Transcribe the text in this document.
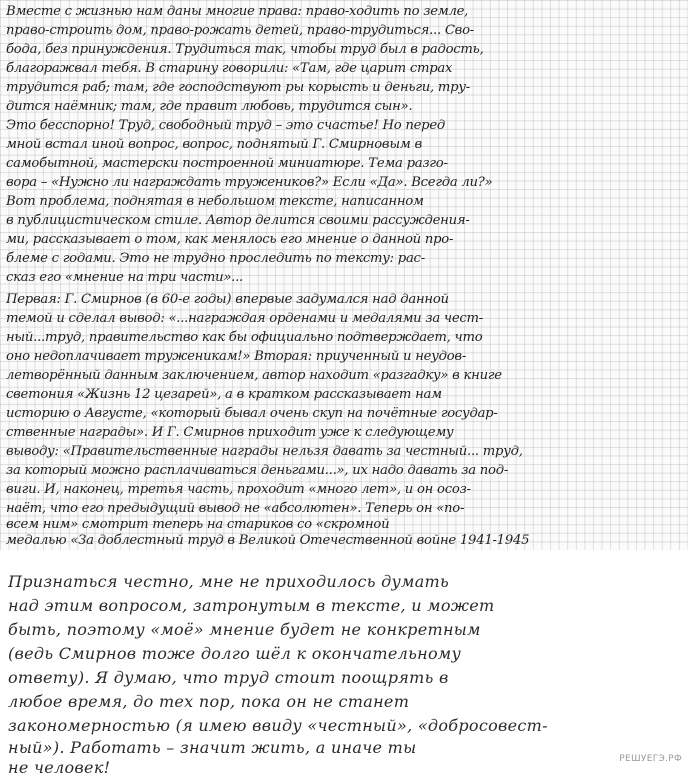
Вместе с жизнью нам даны многие права: право-ходить по земле,
право-строить дом, право-рожать детей, право-трудиться... Сво-
бода, без принуждения. Трудиться так, чтобы труд был в радость,
благоражвал тебя. В старину говорили: «Там, где царит страх
трудится раб; там, где господствуют ры корысть и деньги, тру-
дится наёмник; там, где правит любовь, трудится сын».
Это бесспорно! Труд, свободный труд – это счастье! Но перед
мной встал иной вопрос, вопрос, поднятый Г. Смирновым в
самобытной, мастерски построенной миниатюре. Тема разго-
вора – «Нужно ли награждать тружеников?» Если «Да». Всегда ли?»
Вот проблема, поднятая в небольшом тексте, написанном
в публицистическом стиле. Автор делится своими рассуждения-
ми, рассказывает о том, как менялось его мнение о данной про-
блеме с годами. Это не трудно проследить по тексту: рас-
сказ его «мнение на три части»...
Первая: Г. Смирнов (в 60-е годы) впервые задумался над данной
темой и сделал вывод: «...награждая орденами и медалями за чест-
ный...труд, правительство как бы официально подтверждает, что
оно недоплачивает труженикам!» Вторая: приученный и неудов-
летворённый данным заключением, автор находит «разгадку» в книге
светония «Жизнь 12 цезарей», а в кратком рассказывает нам
историю о Августе, «который бывал очень скуп на почётные государ-
ственные награды». И Г. Смирнов приходит уже к следующему
выводу: «Правительственные награды нельзя давать за честный... труд,
за который можно расплачиваться деньгами...», их надо давать за под-
виги. И, наконец, третья часть, проходит «много лет», и он осоз-
наёт, что его предыдущий вывод не «абсолютен». Теперь он «по-
всем ним» смотрит теперь на стариков со «скромной
медалью «За доблестный труд в Великой Отечественной войне 1941-1945
Признаться честно, мне не приходилось думать
над этим вопросом, затронутым в тексте, и может
быть, поэтому «моё» мнение будет не конкретным
(ведь Смирнов тоже долго шёл к окончательному
ответу). Я думаю, что труд стоит поощрять в
любое время, до тех пор, пока он не станет
закономерностью (я имею ввиду «честный», «добросовест-
ный»). Работать – значит жить, а иначе ты
не человек!	РЕШУЕГЭ.РФ
